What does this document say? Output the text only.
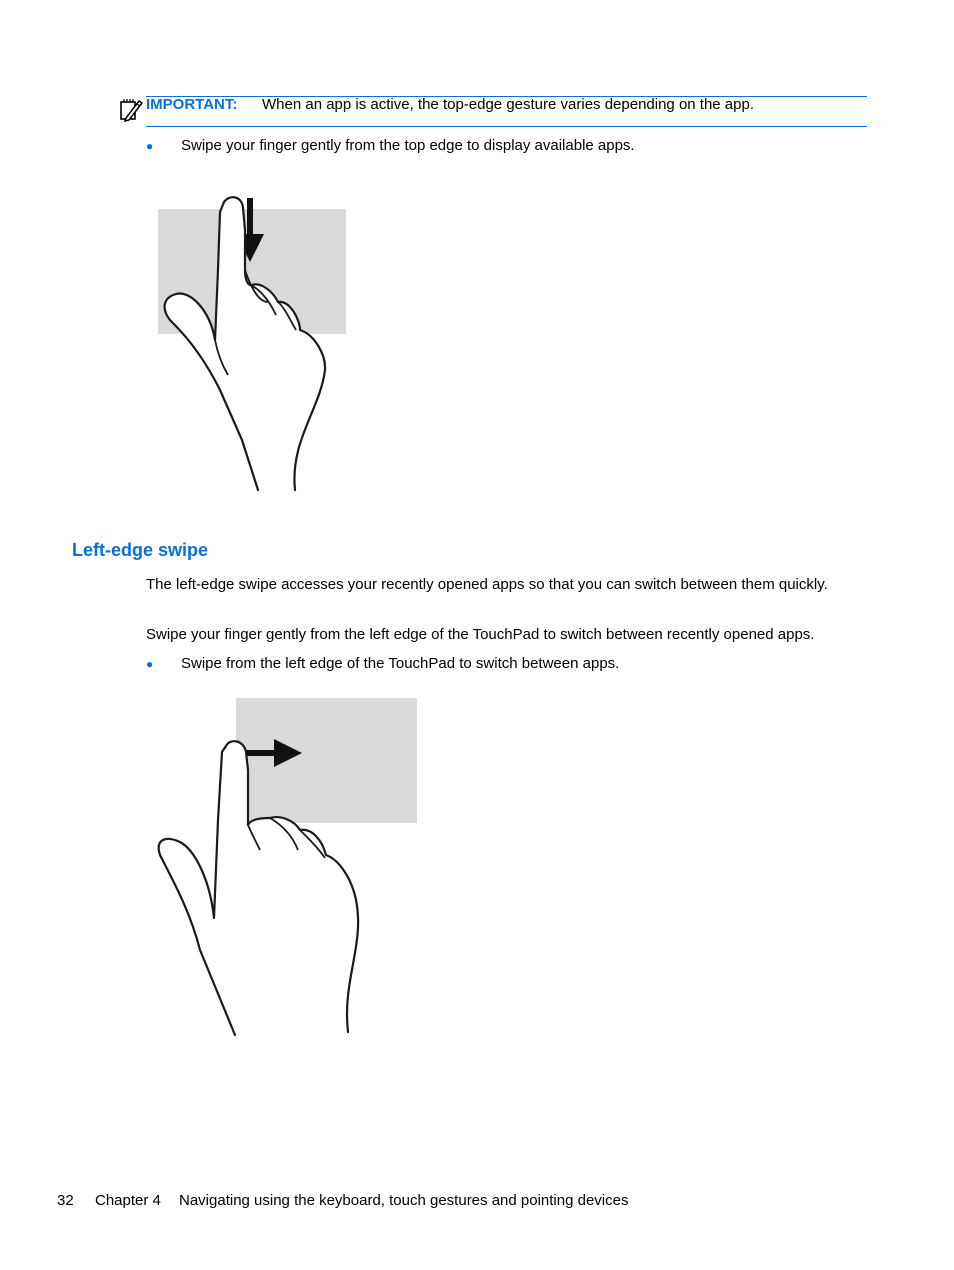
IMPORTANT: When an app is active, the top-edge gesture varies depending on the app.
● Swipe your finger gently from the top edge to display available apps.
Left-edge swipe
The left-edge swipe accesses your recently opened apps so that you can switch between them quickly.
Swipe your finger gently from the left edge of the TouchPad to switch between recently opened apps.
● Swipe from the left edge of the TouchPad to switch between apps.
32 Chapter 4 Navigating using the keyboard, touch gestures and pointing devices
